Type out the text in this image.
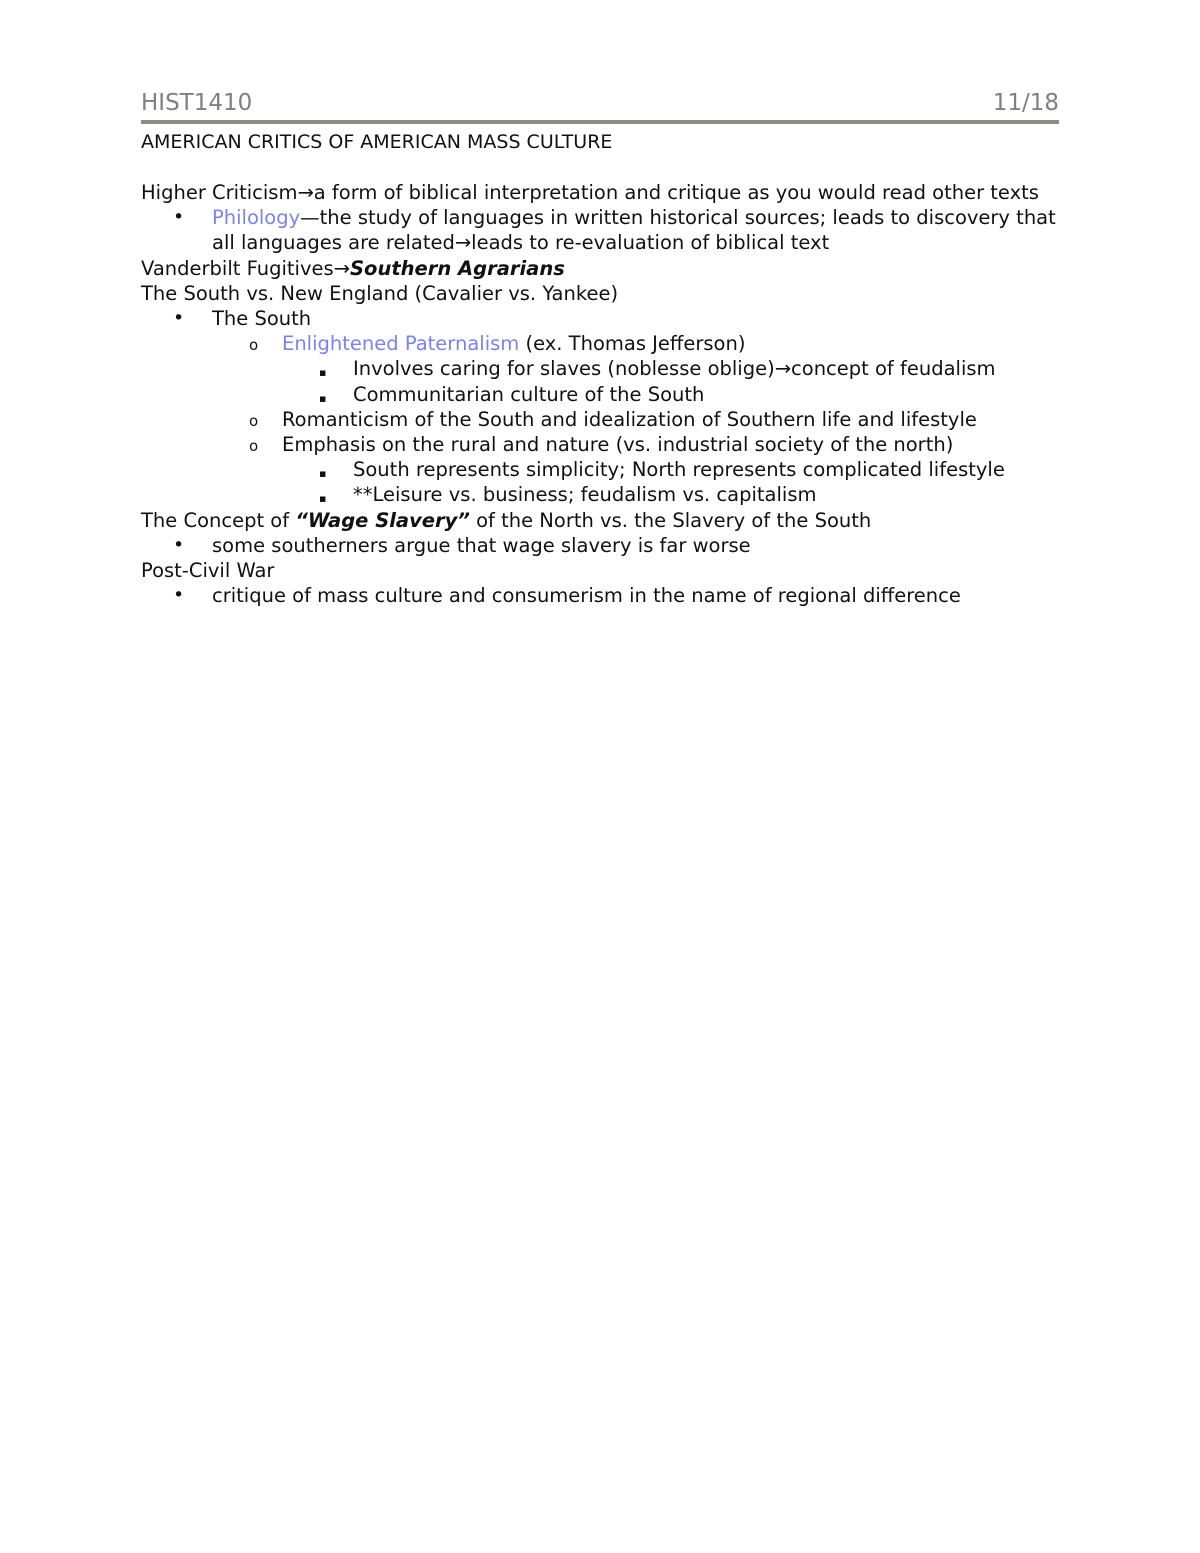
HIST1410	11/18
AMERICAN CRITICS OF AMERICAN MASS CULTURE
Higher Criticism→a form of biblical interpretation and critique as you would read other texts
• Philology—the study of languages in written historical sources; leads to discovery that all languages are related→leads to re-evaluation of biblical text
Vanderbilt Fugitives→Southern Agrarians
The South vs. New England (Cavalier vs. Yankee)
• The South
o Enlightened Paternalism (ex. Thomas Jefferson)
▪ Involves caring for slaves (noblesse oblige)→concept of feudalism
▪ Communitarian culture of the South
o Romanticism of the South and idealization of Southern life and lifestyle
o Emphasis on the rural and nature (vs. industrial society of the north)
▪ South represents simplicity; North represents complicated lifestyle
▪ **Leisure vs. business; feudalism vs. capitalism
The Concept of “Wage Slavery” of the North vs. the Slavery of the South
• some southerners argue that wage slavery is far worse
Post-Civil War
• critique of mass culture and consumerism in the name of regional difference
